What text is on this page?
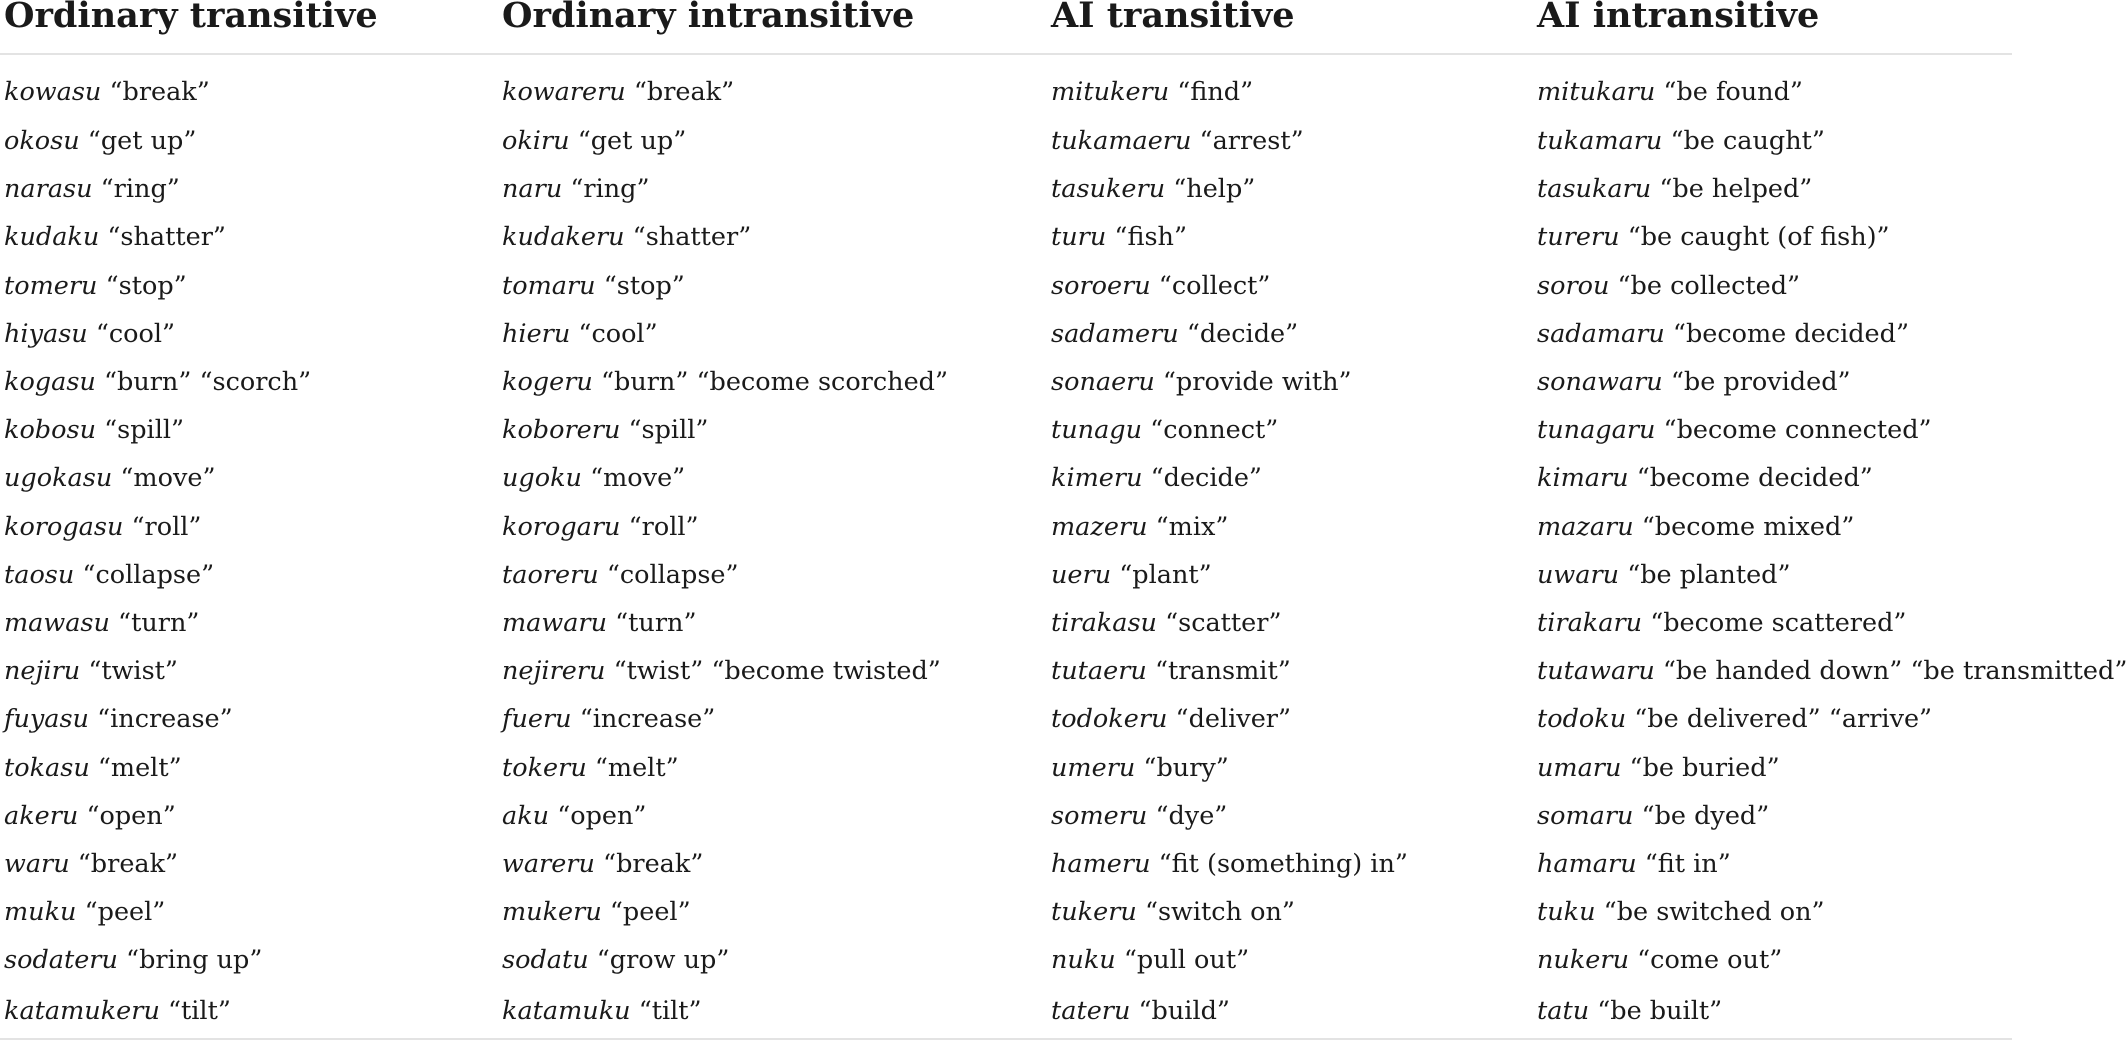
Ordinary transitive	Ordinary intransitive	AI transitive	AI intransitive
kowasu “break”	kowareru “break”	mitukeru “find”	mitukaru “be found”
okosu “get up”	okiru “get up”	tukamaeru “arrest”	tukamaru “be caught”
narasu “ring”	naru “ring”	tasukeru “help”	tasukaru “be helped”
kudaku “shatter”	kudakeru “shatter”	turu “fish”	tureru “be caught (of fish)”
tomeru “stop”	tomaru “stop”	soroeru “collect”	sorou “be collected”
hiyasu “cool”	hieru “cool”	sadameru “decide”	sadamaru “become decided”
kogasu “burn” “scorch”	kogeru “burn” “become scorched”	sonaeru “provide with”	sonawaru “be provided”
kobosu “spill”	koboreru “spill”	tunagu “connect”	tunagaru “become connected”
ugokasu “move”	ugoku “move”	kimeru “decide”	kimaru “become decided”
korogasu “roll”	korogaru “roll”	mazeru “mix”	mazaru “become mixed”
taosu “collapse”	taoreru “collapse”	ueru “plant”	uwaru “be planted”
mawasu “turn”	mawaru “turn”	tirakasu “scatter”	tirakaru “become scattered”
nejiru “twist”	nejireru “twist” “become twisted”	tutaeru “transmit”	tutawaru “be handed down” “be transmitted”
fuyasu “increase”	fueru “increase”	todokeru “deliver”	todoku “be delivered” “arrive”
tokasu “melt”	tokeru “melt”	umeru “bury”	umaru “be buried”
akeru “open”	aku “open”	someru “dye”	somaru “be dyed”
waru “break”	wareru “break”	hameru “fit (something) in”	hamaru “fit in”
muku “peel”	mukeru “peel”	tukeru “switch on”	tuku “be switched on”
sodateru “bring up”	sodatu “grow up”	nuku “pull out”	nukeru “come out”
katamukeru “tilt”	katamuku “tilt”	tateru “build”	tatu “be built”
